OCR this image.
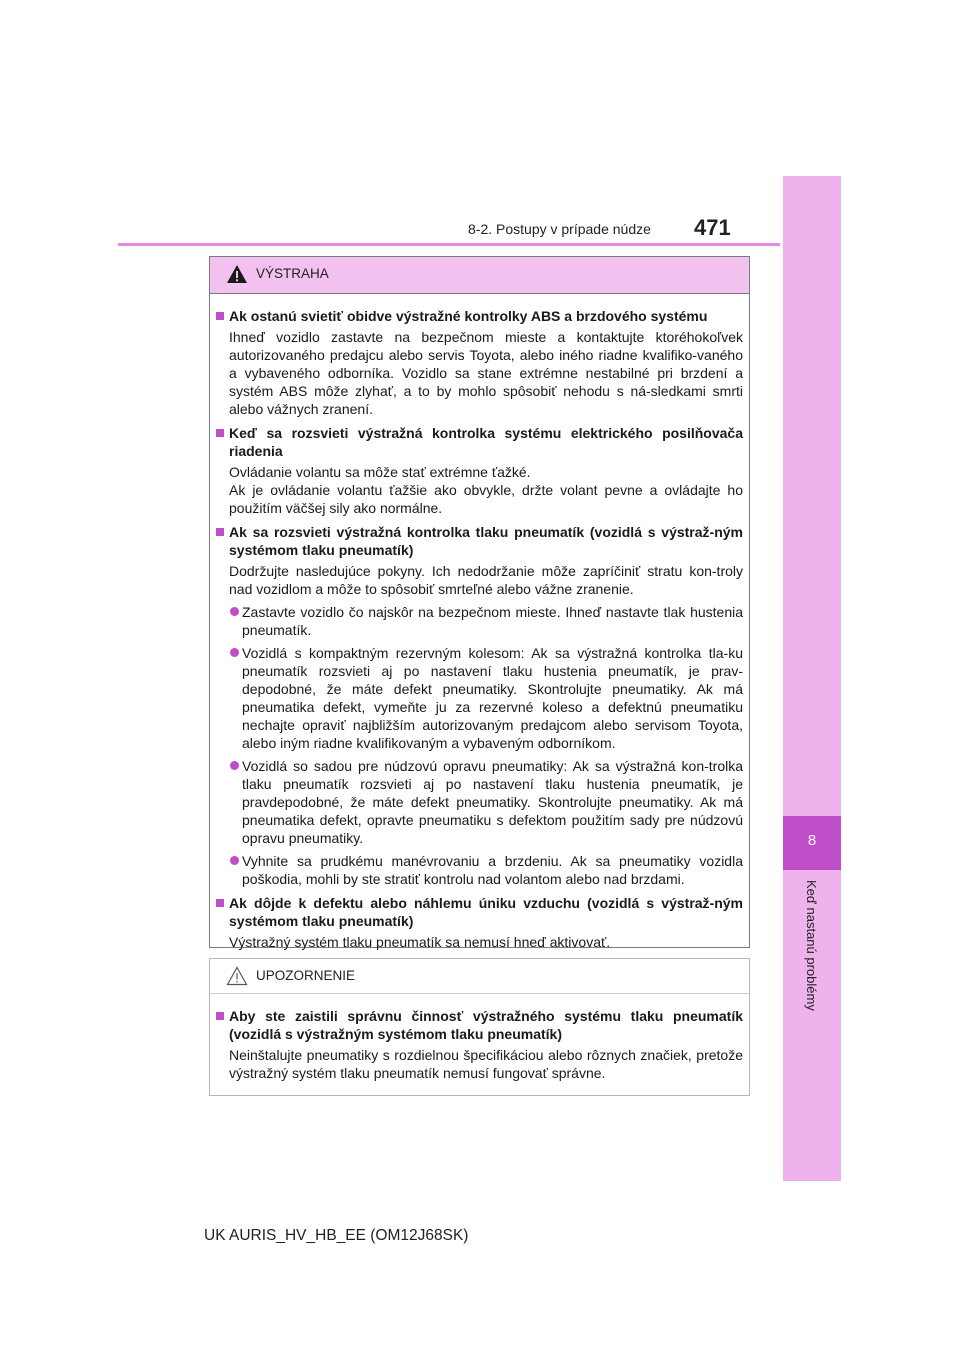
8-2. Postupy v prípade núdze 471
8
Keď nastanú problémy
VÝSTRAHA
Ak ostanú svietiť obidve výstražné kontrolky ABS a brzdového systému
Ihneď vozidlo zastavte na bezpečnom mieste a kontaktujte ktoréhokoľvek autorizovaného predajcu alebo servis Toyota, alebo iného riadne kvalifiko-vaného a vybaveného odborníka. Vozidlo sa stane extrémne nestabilné pri brzdení a systém ABS môže zlyhať, a to by mohlo spôsobiť nehodu s ná-sledkami smrti alebo vážnych zranení.
Keď sa rozsvieti výstražná kontrolka systému elektrického posilňovača riadenia
Ovládanie volantu sa môže stať extrémne ťažké.
Ak je ovládanie volantu ťažšie ako obvykle, držte volant pevne a ovládajte ho použitím väčšej sily ako normálne.
Ak sa rozsvieti výstražná kontrolka tlaku pneumatík (vozidlá s výstraž-ným systémom tlaku pneumatík)
Dodržujte nasledujúce pokyny. Ich nedodržanie môže zapríčiniť stratu kon-troly nad vozidlom a môže to spôsobiť smrteľné alebo vážne zranenie.
Zastavte vozidlo čo najskôr na bezpečnom mieste. Ihneď nastavte tlak hustenia pneumatík.
Vozidlá s kompaktným rezervným kolesom: Ak sa výstražná kontrolka tla-ku pneumatík rozsvieti aj po nastavení tlaku hustenia pneumatík, je prav-depodobné, že máte defekt pneumatiky. Skontrolujte pneumatiky. Ak má pneumatika defekt, vymeňte ju za rezervné koleso a defektnú pneumatiku nechajte opraviť najbližším autorizovaným predajcom alebo servisom Toyota, alebo iným riadne kvalifikovaným a vybaveným odborníkom.
Vozidlá so sadou pre núdzovú opravu pneumatiky: Ak sa výstražná kon-trolka tlaku pneumatík rozsvieti aj po nastavení tlaku hustenia pneumatík, je pravdepodobné, že máte defekt pneumatiky. Skontrolujte pneumatiky. Ak má pneumatika defekt, opravte pneumatiku s defektom použitím sady pre núdzovú opravu pneumatiky.
Vyhnite sa prudkému manévrovaniu a brzdeniu. Ak sa pneumatiky vozidla poškodia, mohli by ste stratiť kontrolu nad volantom alebo nad brzdami.
Ak dôjde k defektu alebo náhlemu úniku vzduchu (vozidlá s výstraž-ným systémom tlaku pneumatík)
Výstražný systém tlaku pneumatík sa nemusí hneď aktivovať.
UPOZORNENIE
Aby ste zaistili správnu činnosť výstražného systému tlaku pneumatík (vozidlá s výstražným systémom tlaku pneumatík)
Neinštalujte pneumatiky s rozdielnou špecifikáciou alebo rôznych značiek, pretože výstražný systém tlaku pneumatík nemusí fungovať správne.
UK AURIS_HV_HB_EE (OM12J68SK)
